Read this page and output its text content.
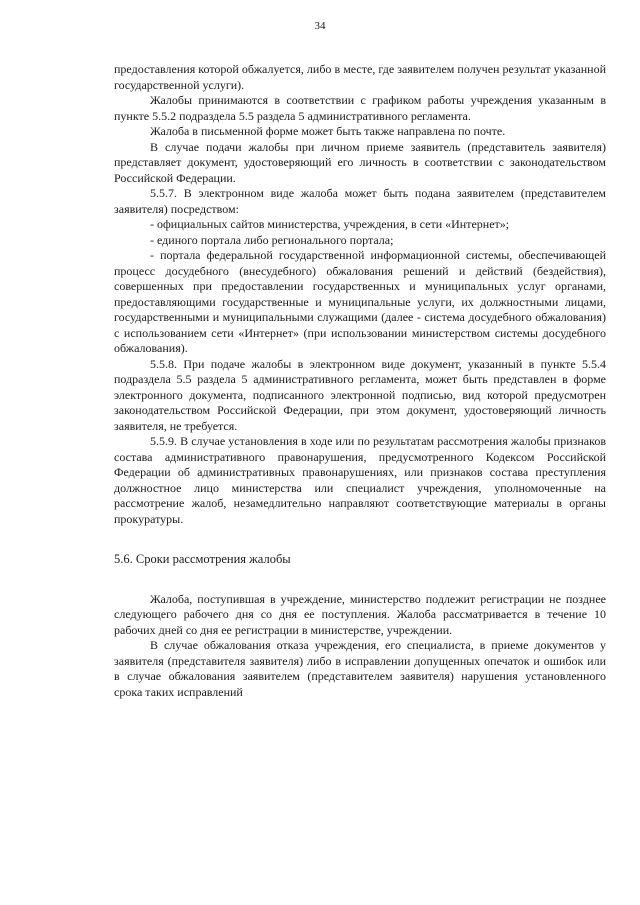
34

предоставления которой обжалуется, либо в месте, где заявителем получен результат указанной государственной услуги).

Жалобы принимаются в соответствии с графиком работы учреждения указанным в пункте 5.5.2 подраздела 5.5 раздела 5 административного регламента.

Жалоба в письменной форме может быть также направлена по почте.

В случае подачи жалобы при личном приеме заявитель (представитель заявителя) представляет документ, удостоверяющий его личность в соответствии с законодательством Российской Федерации.

5.5.7. В электронном виде жалоба может быть подана заявителем (представителем заявителя) посредством:

- официальных сайтов министерства, учреждения, в сети «Интернет»;

- единого портала либо регионального портала;

- портала федеральной государственной информационной системы, обеспечивающей процесс досудебного (внесудебного) обжалования решений и действий (бездействия), совершенных при предоставлении государственных и муниципальных услуг органами, предоставляющими государственные и муниципальные услуги, их должностными лицами, государственными и муниципальными служащими (далее - система досудебного обжалования) с использованием сети «Интернет» (при использовании министерством системы досудебного обжалования).

5.5.8. При подаче жалобы в электронном виде документ, указанный в пункте 5.5.4 подраздела 5.5 раздела 5 административного регламента, может быть представлен в форме электронного документа, подписанного электронной подписью, вид которой предусмотрен законодательством Российской Федерации, при этом документ, удостоверяющий личность заявителя, не требуется.

5.5.9. В случае установления в ходе или по результатам рассмотрения жалобы признаков состава административного правонарушения, предусмотренного Кодексом Российской Федерации об административных правонарушениях, или признаков состава преступления должностное лицо министерства или специалист учреждения, уполномоченные на рассмотрение жалоб, незамедлительно направляют соответствующие материалы в органы прокуратуры.

5.6. Сроки рассмотрения жалобы

Жалоба, поступившая в учреждение, министерство подлежит регистрации не позднее следующего рабочего дня со дня ее поступления. Жалоба рассматривается в течение 10 рабочих дней со дня ее регистрации в министерстве, учреждении.

В случае обжалования отказа учреждения, его специалиста, в приеме документов у заявителя (представителя заявителя) либо в исправлении допущенных опечаток и ошибок или в случае обжалования заявителем (представителем заявителя) нарушения установленного срока таких исправлений
